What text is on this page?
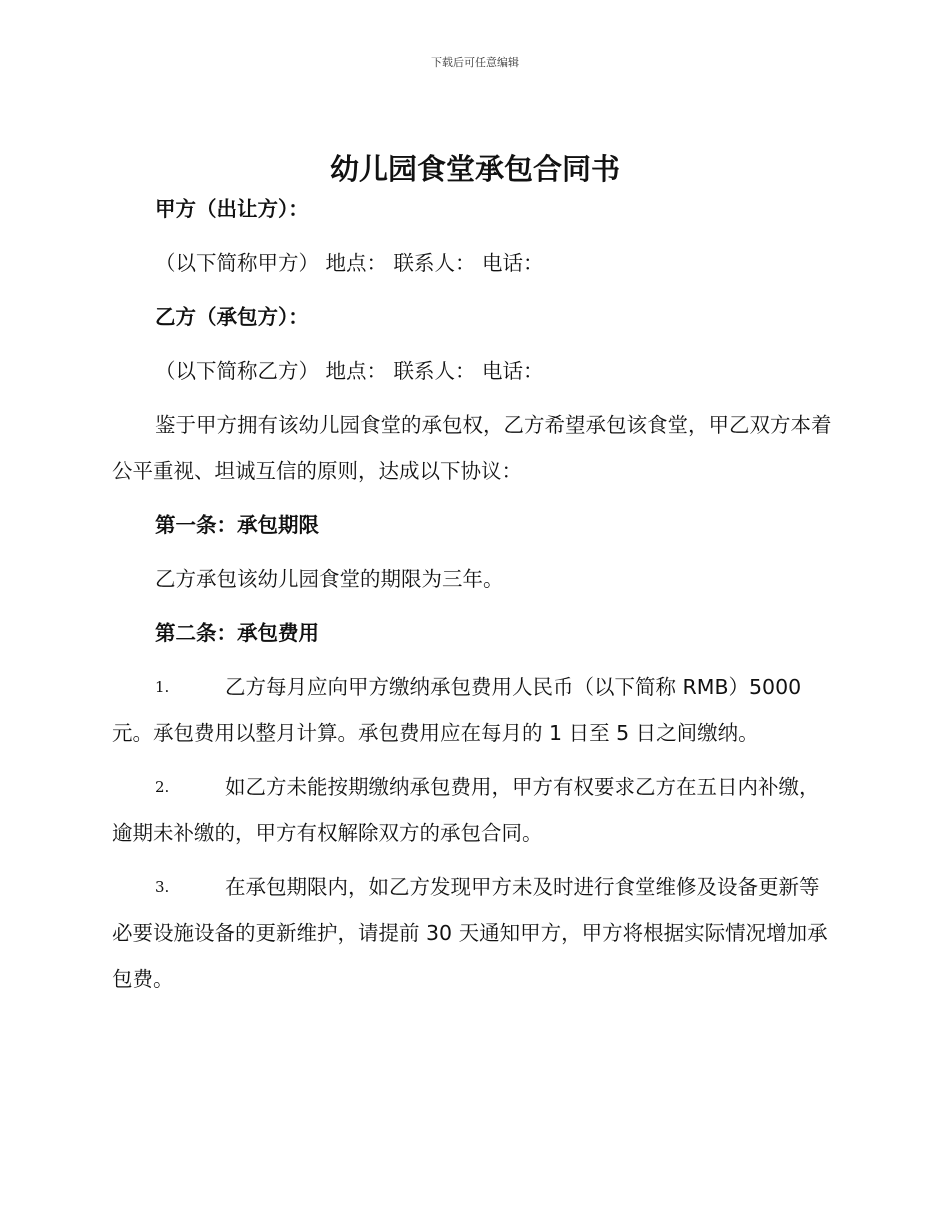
下载后可任意编辑
幼儿园食堂承包合同书

甲方（出让方）：

（以下简称甲方） 地点： 联系人： 电话：

乙方（承包方）：

（以下简称乙方） 地点： 联系人： 电话：

鉴于甲方拥有该幼儿园食堂的承包权，乙方希望承包该食堂，甲乙双方本着公平重视、坦诚互信的原则，达成以下协议：

第一条：承包期限

乙方承包该幼儿园食堂的期限为三年。

第二条：承包费用

1.	乙方每月应向甲方缴纳承包费用人民币（以下简称 RMB）5000元。承包费用以整月计算。承包费用应在每月的 1 日至 5 日之间缴纳。

2.	如乙方未能按期缴纳承包费用，甲方有权要求乙方在五日内补缴，逾期未补缴的，甲方有权解除双方的承包合同。

3.	在承包期限内，如乙方发现甲方未及时进行食堂维修及设备更新等必要设施设备的更新维护，请提前 30 天通知甲方，甲方将根据实际情况增加承包费。
